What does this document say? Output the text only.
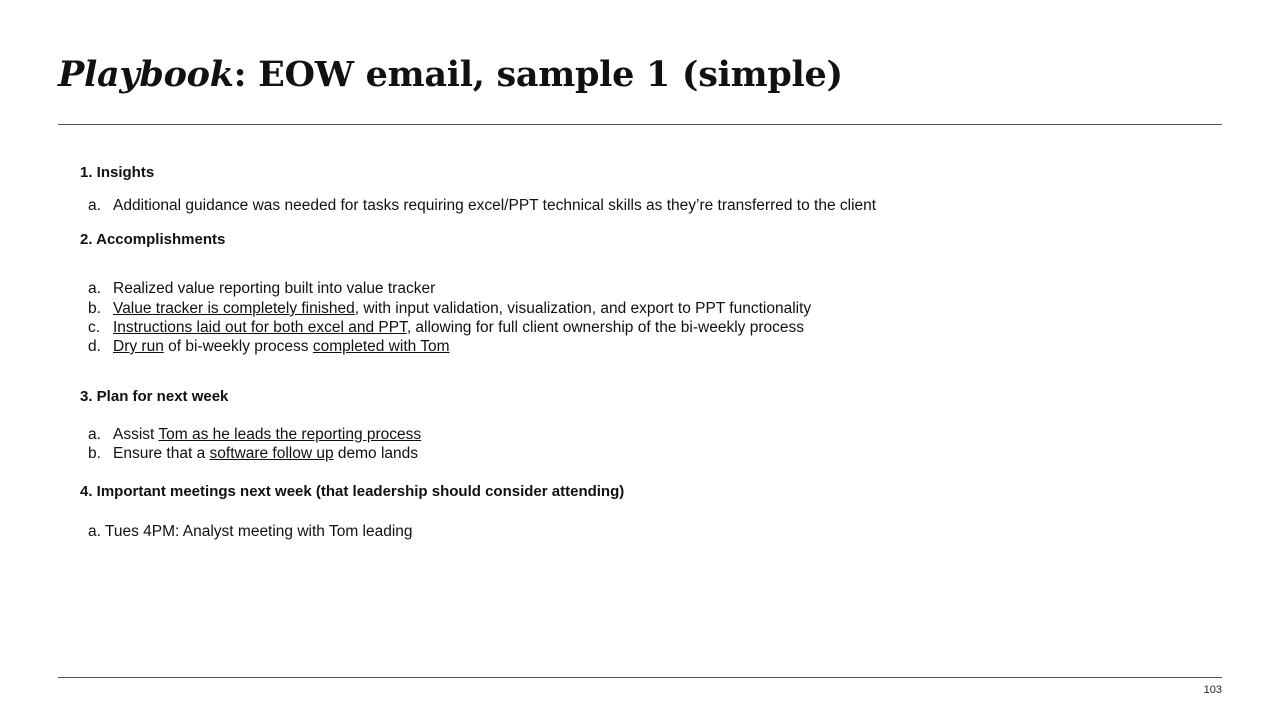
Playbook: EOW email, sample 1 (simple)
1. Insights
a. Additional guidance was needed for tasks requiring excel/PPT technical skills as they’re transferred to the client
2. Accomplishments
a. Realized value reporting built into value tracker
b. Value tracker is completely finished, with input validation, visualization, and export to PPT functionality
c. Instructions laid out for both excel and PPT, allowing for full client ownership of the bi-weekly process
d. Dry run of bi-weekly process completed with Tom
3. Plan for next week
a. Assist Tom as he leads the reporting process
b. Ensure that a software follow up demo lands
4. Important meetings next week (that leadership should consider attending)
a. Tues 4PM: Analyst meeting with Tom leading
103
